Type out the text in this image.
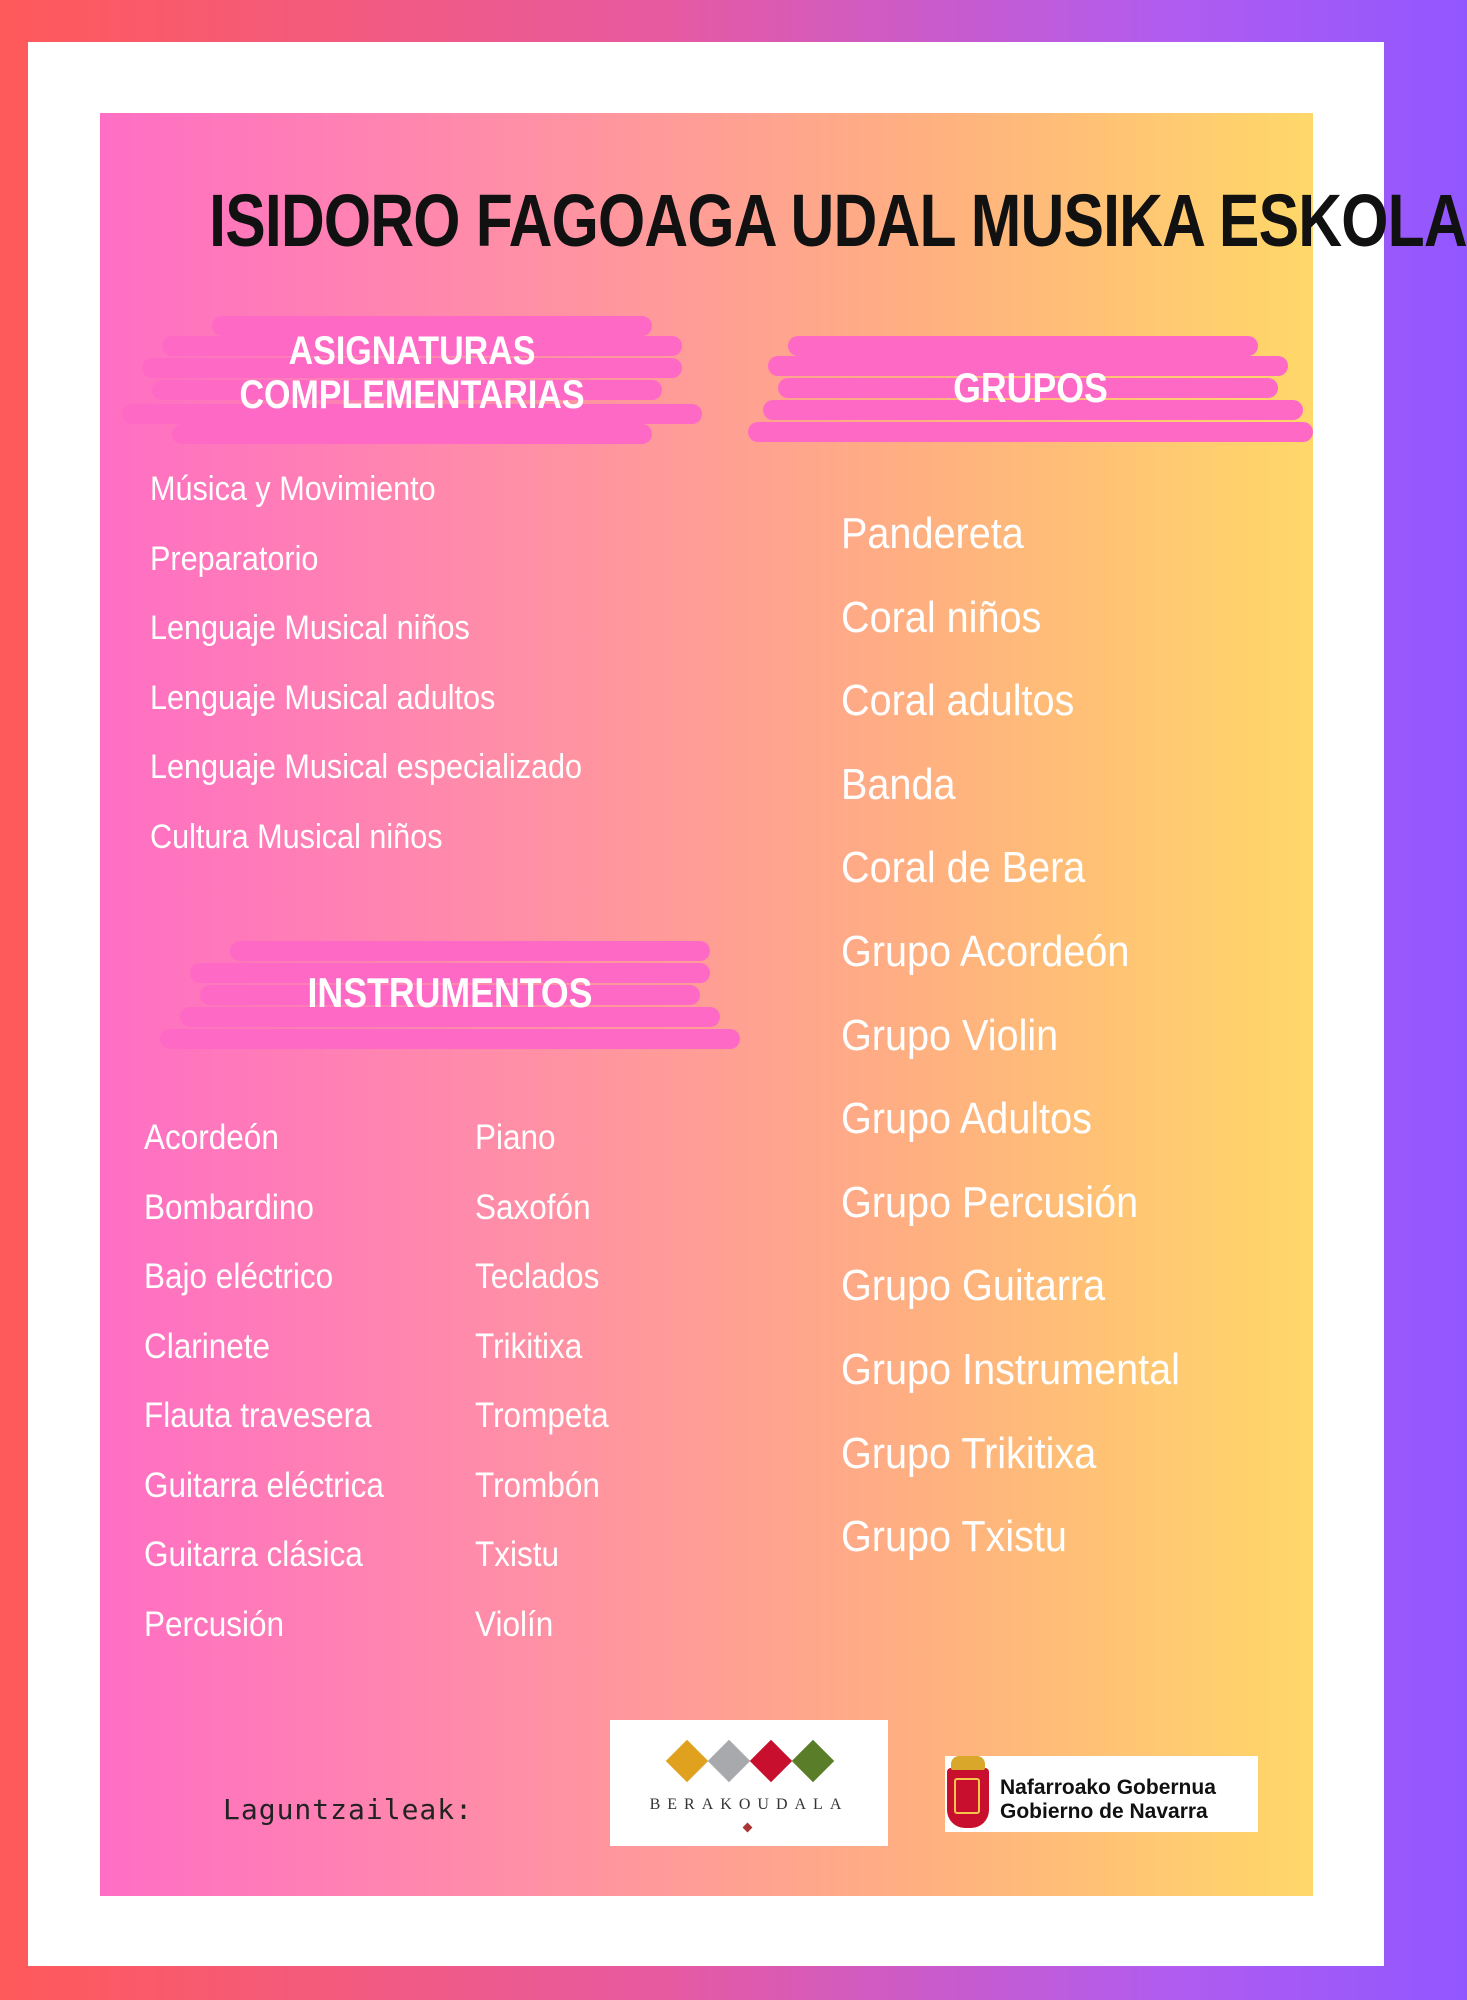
ISIDORO FAGOAGA UDAL MUSIKA ESKOLA
ASIGNATURAS
COMPLEMENTARIAS
Música y Movimiento
Preparatorio
Lenguaje Musical niños
Lenguaje Musical adultos
Lenguaje Musical especializado
Cultura Musical niños
INSTRUMENTOS
Acordeón
Bombardino
Bajo eléctrico
Clarinete
Flauta travesera
Guitarra eléctrica
Guitarra clásica
Percusión
Piano
Saxofón
Teclados
Trikitixa
Trompeta
Trombón
Txistu
Violín
GRUPOS
Pandereta
Coral niños
Coral adultos
Banda
Coral de Bera
Grupo Acordeón
Grupo Violin
Grupo Adultos
Grupo Percusión
Grupo Guitarra
Grupo Instrumental
Grupo Trikitixa
Grupo Txistu
Laguntzaileak:	BERAKOUDALA
Nafarroako Gobernua
Gobierno de Navarra
